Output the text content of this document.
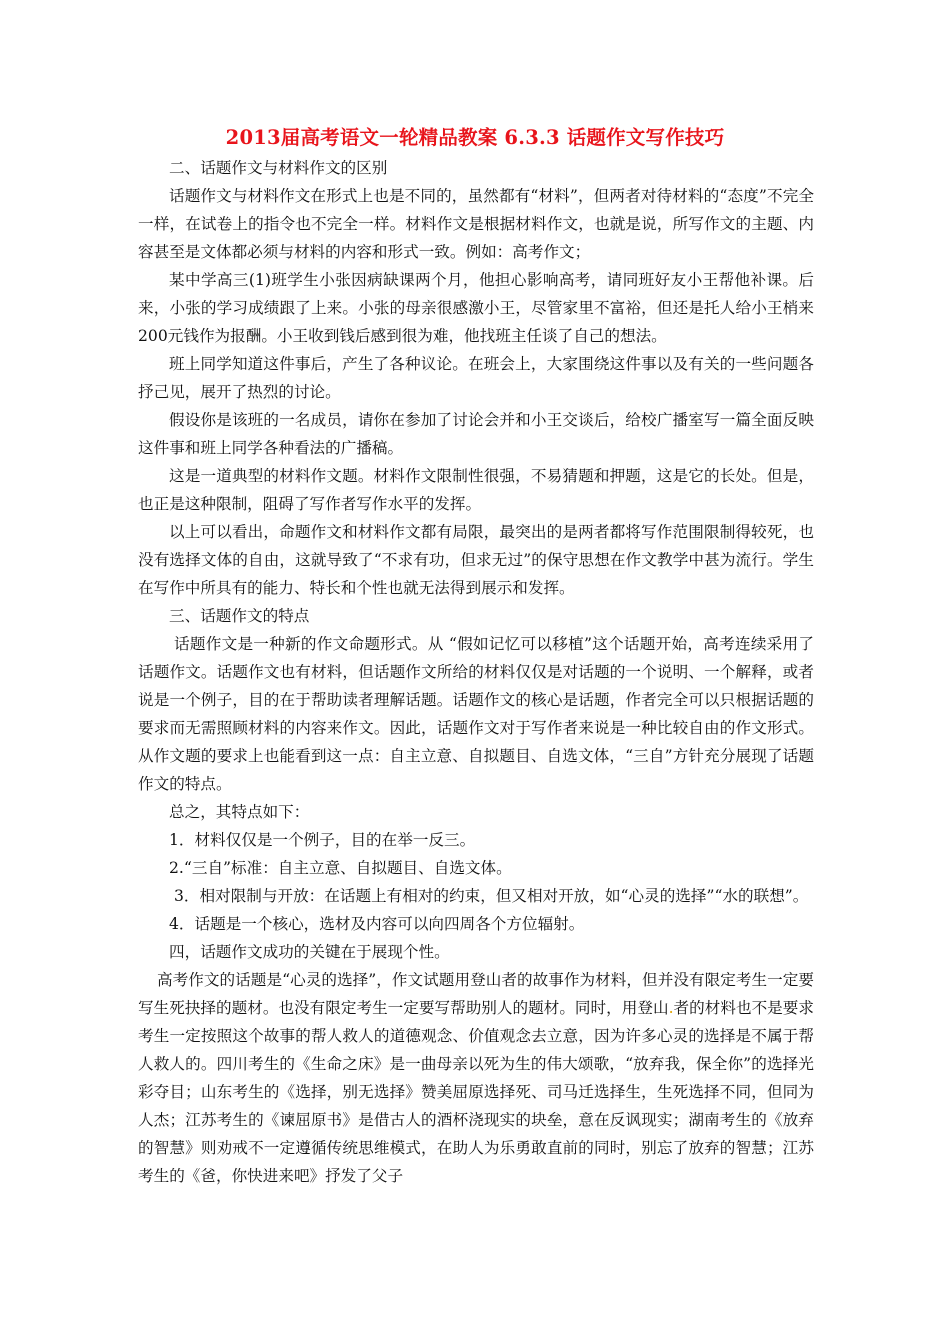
2013届高考语文一轮精品教案 6.3.3 话题作文写作技巧

二、话题作文与材料作文的区别

话题作文与材料作文在形式上也是不同的，虽然都有“材料”，但两者对待材料的“态度”不完全一样，在试卷上的指令也不完全一样。材料作文是根据材料作文，也就是说，所写作文的主题、内容甚至是文体都必须与材料的内容和形式一致。例如：高考作文；

某中学高三(1)班学生小张因病缺课两个月，他担心影响高考，请同班好友小王帮他补课。后来，小张的学习成绩跟了上来。小张的母亲很感激小王，尽管家里不富裕，但还是托人给小王梢来200元钱作为报酬。小王收到钱后感到很为难，他找班主任谈了自己的想法。

班上同学知道这件事后，产生了各种议论。在班会上，大家围绕这件事以及有关的一些问题各抒己见，展开了热烈的讨论。

假设你是该班的一名成员，请你在参加了讨论会并和小王交谈后，给校广播室写一篇全面反映这件事和班上同学各种看法的广播稿。

这是一道典型的材料作文题。材料作文限制性很强，不易猜题和押题，这是它的长处。但是，也正是这种限制，阻碍了写作者写作水平的发挥。

以上可以看出，命题作文和材料作文都有局限，最突出的是两者都将写作范围限制得较死，也没有选择文体的自由，这就导致了“不求有功，但求无过”的保守思想在作文教学中甚为流行。学生在写作中所具有的能力、特长和个性也就无法得到展示和发挥。

三、话题作文的特点

话题作文是一种新的作文命题形式。从 “假如记忆可以移植”这个话题开始，高考连续采用了话题作文。话题作文也有材料，但话题作文所给的材料仅仅是对话题的一个说明、一个解释，或者说是一个例子，目的在于帮助读者理解话题。话题作文的核心是话题，作者完全可以只根据话题的要求而无需照顾材料的内容来作文。因此，话题作文对于写作者来说是一种比较自由的作文形式。从作文题的要求上也能看到这一点：自主立意、自拟题目、自选文体，“三自”方针充分展现了话题作文的特点。

总之，其特点如下：

1．材料仅仅是一个例子，目的在举一反三。

2.“三自”标准：自主立意、自拟题目、自选文体。

3．相对限制与开放：在话题上有相对的约束，但又相对开放，如“心灵的选择”“水的联想”。

4．话题是一个核心，选材及内容可以向四周各个方位辐射。

四，话题作文成功的关键在于展现个性。

高考作文的话题是“心灵的选择”，作文试题用登山者的故事作为材料，但并没有限定考生一定要写生死抉择的题材。也没有限定考生一定要写帮助别人的题材。同时，用登山.者的材料也不是要求考生一定按照这个故事的帮人救人的道德观念、价值观念去立意，因为许多心灵的选择是不属于帮人救人的。四川考生的《生命之床》是一曲母亲以死为生的伟大颂歌，“放弃我，保全你”的选择光彩夺目；山东考生的《选择，别无选择》赞美屈原选择死、司马迁选择生，生死选择不同，但同为人杰；江苏考生的《谏屈原书》是借古人的酒杯浇现实的块垒，意在反讽现实；湖南考生的《放弃的智慧》则劝戒不一定遵循传统思维模式，在助人为乐勇敢直前的同时，别忘了放弃的智慧；江苏考生的《爸，你快进来吧》抒发了父子
